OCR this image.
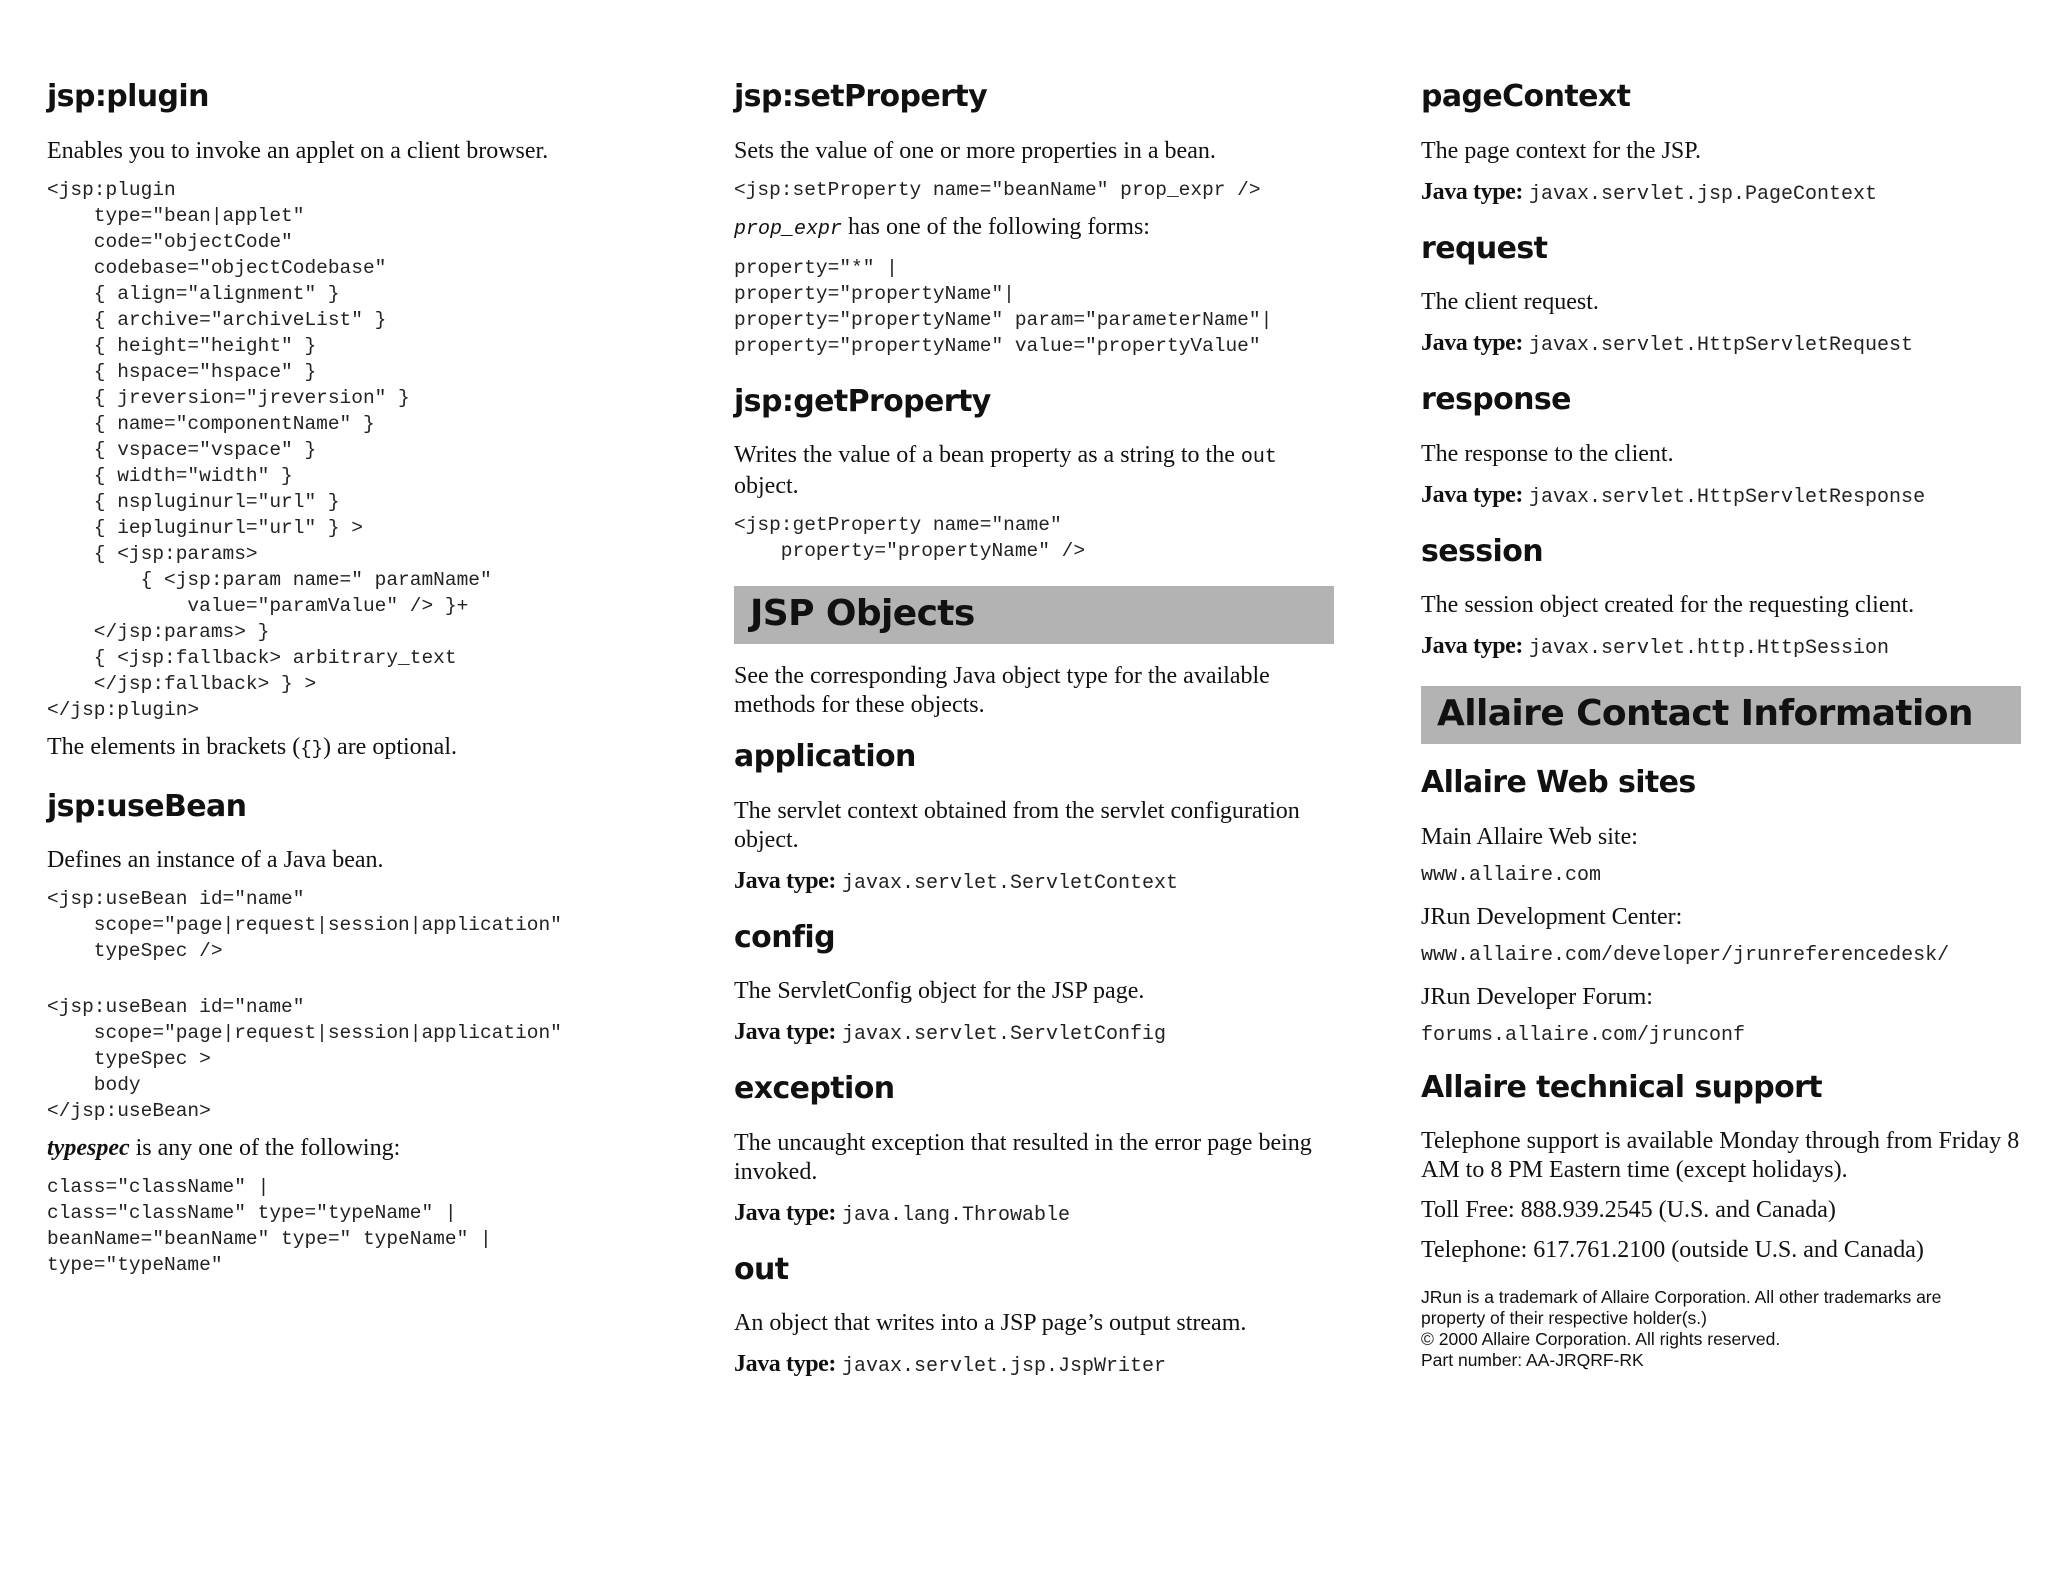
jsp:plugin

Enables you to invoke an applet on a client browser.

<jsp:plugin
type="bean|applet"
code="objectCode"
codebase="objectCodebase"
{ align="alignment" }
{ archive="archiveList" }
{ height="height" }
{ hspace="hspace" }
{ jreversion="jreversion" }
{ name="componentName" }
{ vspace="vspace" }
{ width="width" }
{ nspluginurl="url" }
{ iepluginurl="url" } >
{ <jsp:params>
{ <jsp:param name=" paramName"
value="paramValue" /> }+
</jsp:params> }
{ <jsp:fallback> arbitrary_text
</jsp:fallback> } >
</jsp:plugin>

The elements in brackets ({}) are optional.

jsp:useBean

Defines an instance of a Java bean.

<jsp:useBean id="name"
scope="page|request|session|application"
typeSpec />
<jsp:useBean id="name"
scope="page|request|session|application"
typeSpec >
body
</jsp:useBean>

typespec is any one of the following:

class="className" |
class="className" type="typeName" |
beanName="beanName" type=" typeName" |
type="typeName"
jsp:setProperty

Sets the value of one or more properties in a bean.

<jsp:setProperty name="beanName" prop_expr />

prop_expr has one of the following forms:

property="*" |
property="propertyName"|
property="propertyName" param="parameterName"|
property="propertyName" value="propertyValue"
jsp:getProperty

Writes the value of a bean property as a string to the out object.

<jsp:getProperty name="name"
property="propertyName" />
JSP Objects

See the corresponding Java object type for the available methods for these objects.

application

The servlet context obtained from the servlet configuration object.

Java type: javax.servlet.ServletContext
config

The ServletConfig object for the JSP page.

Java type: javax.servlet.ServletConfig
exception

The uncaught exception that resulted in the error page being invoked.

Java type: java.lang.Throwable
out

An object that writes into a JSP page’s output stream.

Java type: javax.servlet.jsp.JspWriter
pageContext

The page context for the JSP.

Java type: javax.servlet.jsp.PageContext
request

The client request.

Java type: javax.servlet.HttpServletRequest
response

The response to the client.

Java type: javax.servlet.HttpServletResponse
session

The session object created for the requesting client.

Java type: javax.servlet.http.HttpSession
Allaire Contact Information
Allaire Web sites

Main Allaire Web site:

www.allaire.com

JRun Development Center:

www.allaire.com/developer/jrunreferencedesk/

JRun Developer Forum:

forums.allaire.com/jrunconf
Allaire technical support

Telephone support is available Monday through from Friday 8 AM to 8 PM Eastern time (except holidays).

Toll Free: 888.939.2545 (U.S. and Canada)

Telephone: 617.761.2100 (outside U.S. and Canada)

JRun is a trademark of Allaire Corporation. All other trademarks are
property of their respective holder(s.)
© 2000 Allaire Corporation. All rights reserved.
Part number: AA-JRQRF-RK
